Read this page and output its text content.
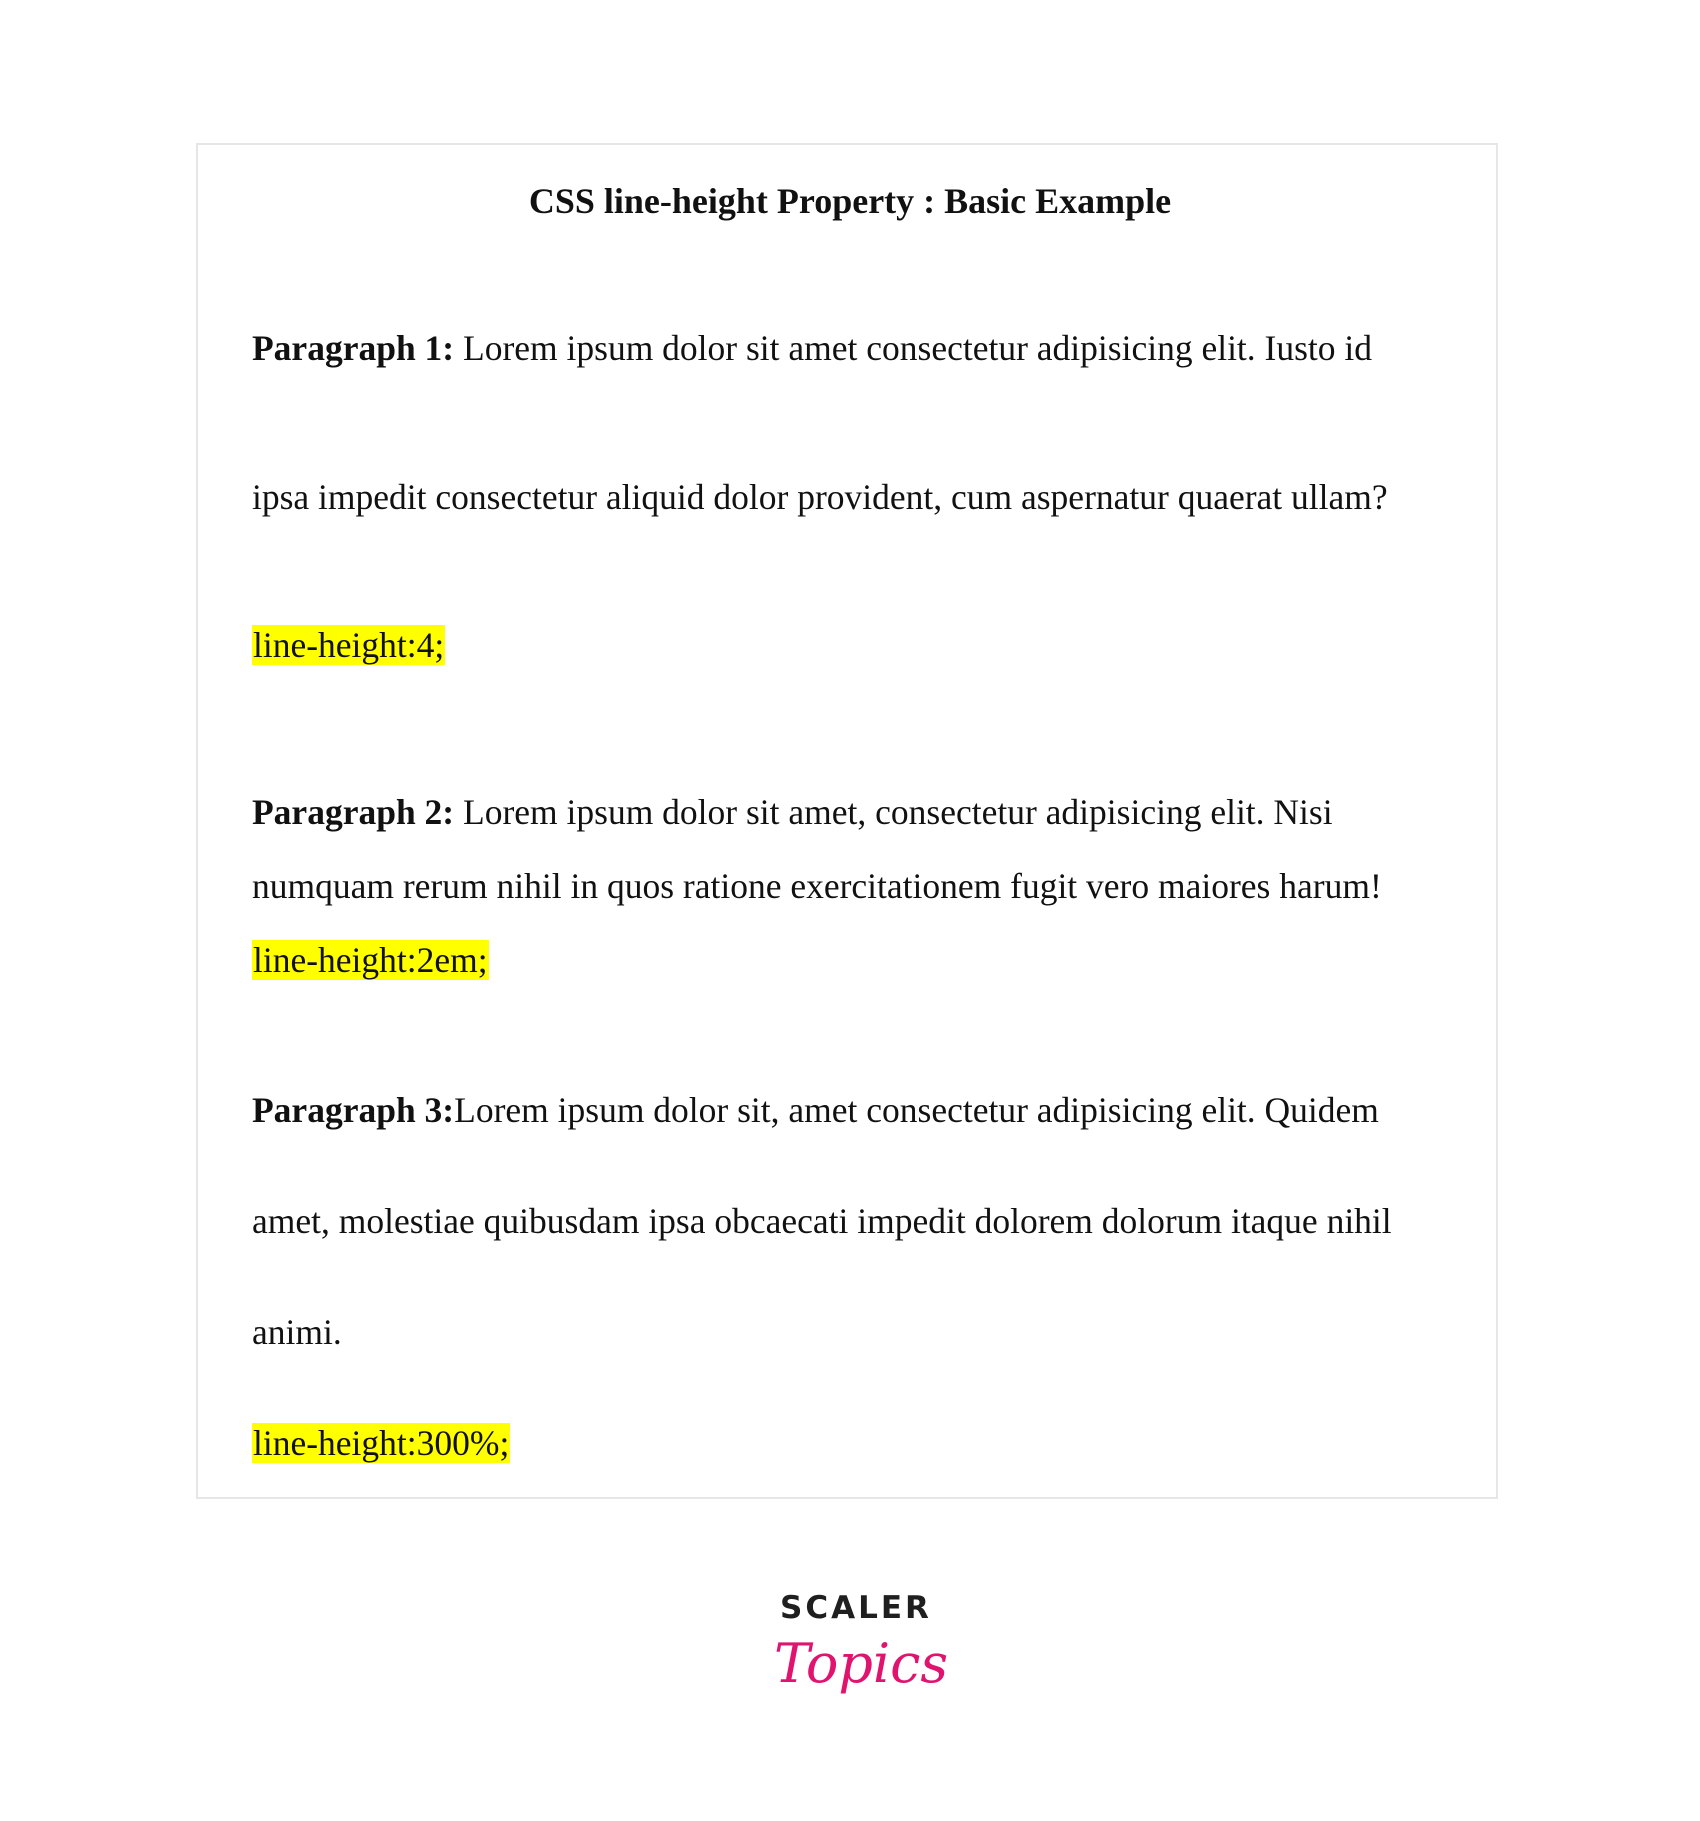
CSS line-height Property : Basic Example

Paragraph 1: Lorem ipsum dolor sit amet consectetur adipisicing elit. Iusto id

ipsa impedit consectetur aliquid dolor provident, cum aspernatur quaerat ullam?

line-height:4;

Paragraph 2: Lorem ipsum dolor sit amet, consectetur adipisicing elit. Nisi

numquam rerum nihil in quos ratione exercitationem fugit vero maiores harum!

line-height:2em;

Paragraph 3:Lorem ipsum dolor sit, amet consectetur adipisicing elit. Quidem

amet, molestiae quibusdam ipsa obcaecati impedit dolorem dolorum itaque nihil

animi.

line-height:300%;

SCALER
Topics
